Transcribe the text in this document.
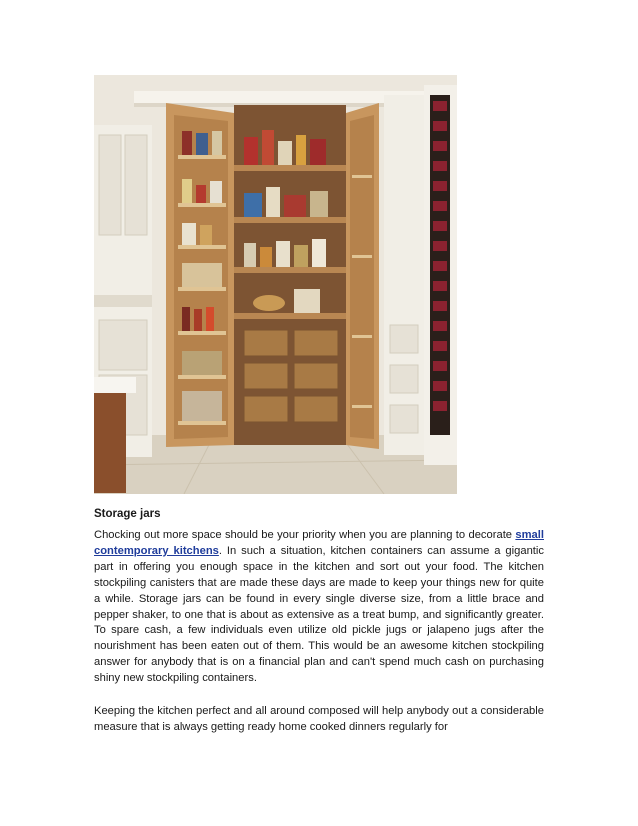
Storage jars

Chocking out more space should be your priority when you are planning to decorate small contemporary kitchens. In such a situation, kitchen containers can assume a gigantic part in offering you enough space in the kitchen and sort out your food. The kitchen stockpiling canisters that are made these days are made to keep your things new for quite a while. Storage jars can be found in every single diverse size, from a little brace and pepper shaker, to one that is about as extensive as a treat bump, and significantly greater. To spare cash, a few individuals even utilize old pickle jugs or jalapeno jugs after the nourishment has been eaten out of them. This would be an awesome kitchen stockpiling answer for anybody that is on a financial plan and can't spend much cash on purchasing shiny new stockpiling containers.

Keeping the kitchen perfect and all around composed will help anybody out a considerable measure that is always getting ready home cooked dinners regularly for
